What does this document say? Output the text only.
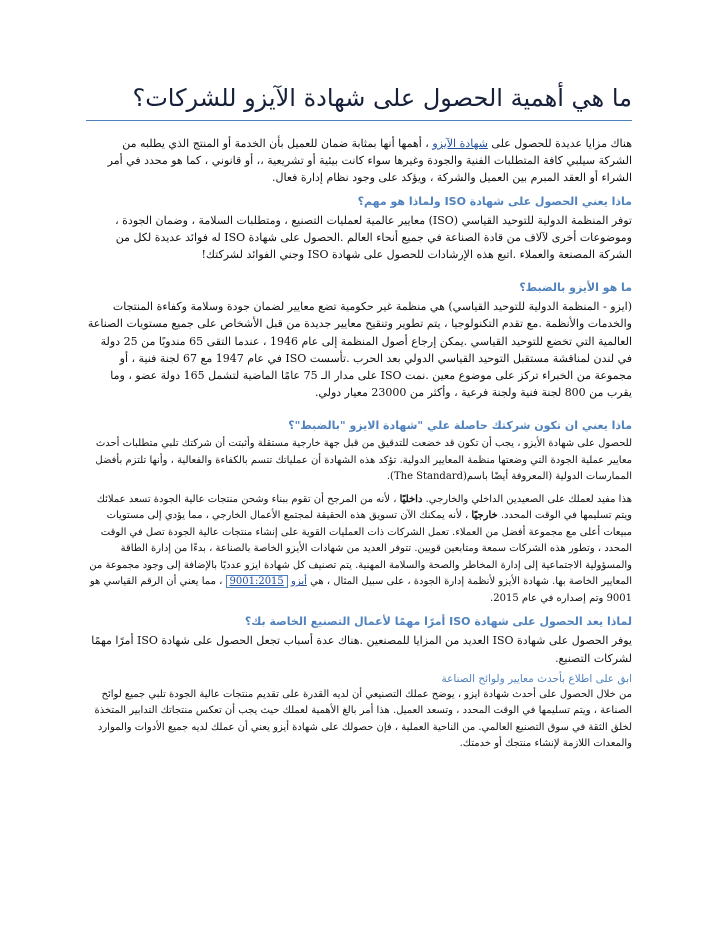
ما هي أهمية الحصول على شهادة الآيزو للشركات؟

هناك مزايا عديدة للحصول على شهادة الآيزو ، أهمها أنها بمثابة ضمان للعميل بأن الخدمة أو المنتج الذي يطلبه من الشركة سيلبي كافة المتطلبات الفنية والجودة وغيرها سواء كانت بيئية أو تشريعية ،، أو قانوني ، كما هو محدد في أمر الشراء أو العقد المبرم بين العميل والشركة ، ويؤكد على وجود نظام إدارة فعال.

ماذا يعني الحصول على شهادة ISO ولماذا هو مهم؟

توفر المنظمة الدولية للتوحيد القياسي (ISO) معايير عالمية لعمليات التصنيع ، ومتطلبات السلامة ، وضمان الجودة ، وموضوعات أخرى لآلاف من قادة الصناعة في جميع أنحاء العالم .الحصول على شهادة ISO له فوائد عديدة لكل من الشركة المصنعة والعملاء .اتبع هذه الإرشادات للحصول على شهادة ISO وجني الفوائد لشركتك!

ما هو الأيزو بالضبط؟

(ايزو - المنظمة الدولية للتوحيد القياسي) هي منظمة غير حكومية تضع معايير لضمان جودة وسلامة وكفاءة المنتجات والخدمات والأنظمة .مع تقدم التكنولوجيا ، يتم تطوير وتنقيح معايير جديدة من قبل الأشخاص على جميع مستويات الصناعة العالمية التي تخضع للتوحيد القياسي .يمكن إرجاع أصول المنظمة إلى عام 1946 ، عندما التقى 65 مندوبًا من 25 دولة في لندن لمناقشة مستقبل التوحيد القياسي الدولي بعد الحرب .تأسست ISO في عام 1947 مع 67 لجنة فنية ، أو مجموعة من الخبراء تركز على موضوع معين .نمت ISO على مدار الـ 75 عامًا الماضية لتشمل 165 دولة عضو ، وما يقرب من 800 لجنة فنية ولجنة فرعية ، وأكثر من 23000 معيار دولي.

ماذا يعني ان تكون شركتك حاصلة علي "شهادة الايزو "بالضبط"؟

للحصول على شهادة الأيزو ، يجب أن تكون قد خضعت للتدقيق من قبل جهة خارجية مستقلة وأثبتت أن شركتك تلبي متطلبات أحدث معايير عملية الجودة التي وضعتها منظمة المعايير الدولية. تؤكد هذه الشهادة أن عملياتك تتسم بالكفاءة والفعالية ، وأنها تلتزم بأفضل الممارسات الدولية (المعروفة أيضًا باسم(The Standard).

هذا مفيد لعملك على الصعيدين الداخلي والخارجي. داخليًا ، لأنه من المرجح أن تقوم ببناء وشحن منتجات عالية الجودة تسعد عملائك ويتم تسليمها في الوقت المحدد. خارجيًا ، لأنه يمكنك الآن تسويق هذه الحقيقة لمجتمع الأعمال الخارجي ، مما يؤدي إلى مستويات مبيعات أعلى مع مجموعة أفضل من العملاء. تعمل الشركات ذات العمليات القوية على إنشاء منتجات عالية الجودة تصل في الوقت المحدد ، وتطور هذه الشركات سمعة ومتابعين قويين. تتوفر العديد من شهادات الأيزو الخاصة بالصناعة ، بدءًا من إدارة الطاقة والمسؤولية الاجتماعية إلى إدارة المخاطر والصحة والسلامة المهنية. يتم تصنيف كل شهادة ايزو عدديًا بالإضافة إلى وجود مجموعة من المعايير الخاصة بها. شهادة الأيزو لأنظمة إدارة الجودة ، على سبيل المثال ، هي أيزو 9001:2015 ، مما يعني أن الرقم القياسي هو 9001 وتم إصداره في عام 2015.

لماذا يعد الحصول على شهادة ISO أمرًا مهمًا لأعمال التصنيع الخاصة بك؟

يوفر الحصول على شهادة ISO العديد من المزايا للمصنعين .هناك عدة أسباب تجعل الحصول على شهادة ISO أمرًا مهمًا لشركات التصنيع.

ابق على اطلاع بأحدث معايير ولوائح الصناعة

من خلال الحصول على أحدث شهادة ايزو ، يوضح عملك التصنيعي أن لديه القدرة على تقديم منتجات عالية الجودة تلبي جميع لوائح الصناعة ، ويتم تسليمها في الوقت المحدد ، وتسعد العميل. هذا أمر بالغ الأهمية لعملك حيث يجب أن تعكس منتجاتك التدابير المتخذة لخلق الثقة في سوق التصنيع العالمي. من الناحية العملية ، فإن حصولك على شهادة أيزو يعني أن عملك لديه جميع الأدوات والموارد والمعدات اللازمة لإنشاء منتجك أو خدمتك.
